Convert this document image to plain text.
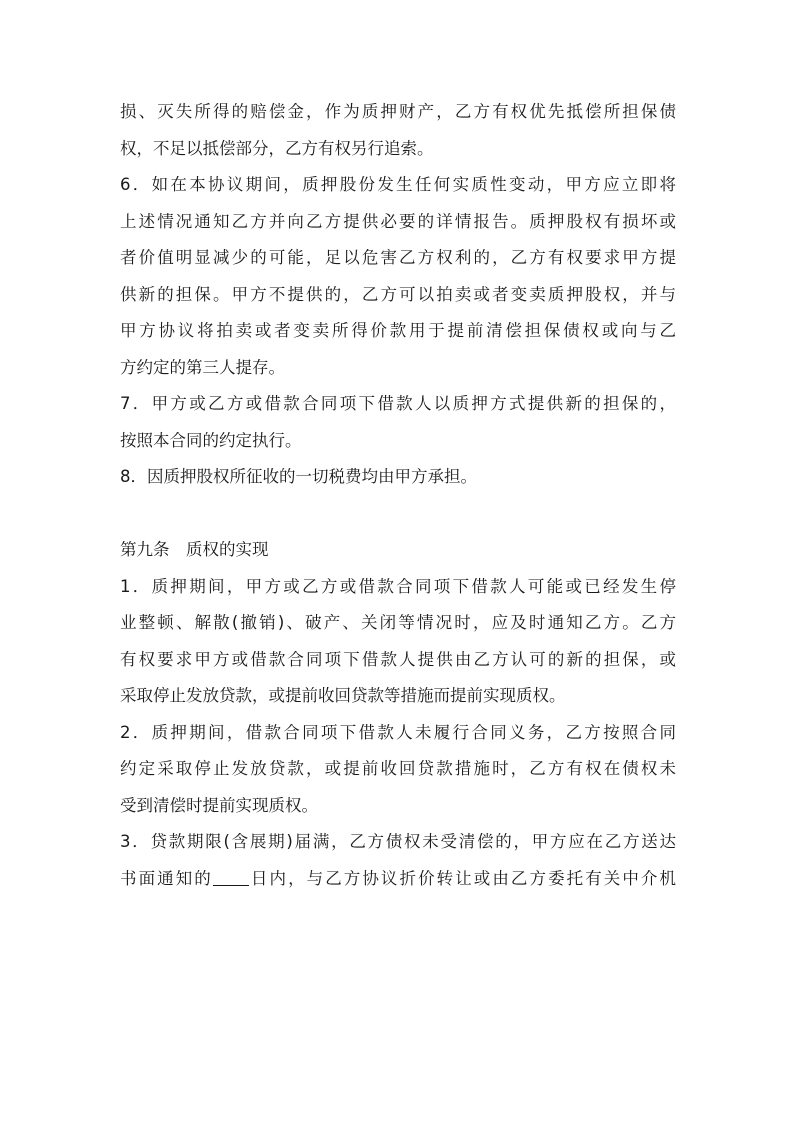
损、灭失所得的赔偿金，作为质押财产，乙方有权优先抵偿所担保债
权，不足以抵偿部分，乙方有权另行追索。
6．如在本协议期间，质押股份发生任何实质性变动，甲方应立即将
上述情况通知乙方并向乙方提供必要的详情报告。质押股权有损坏或
者价值明显减少的可能，足以危害乙方权利的，乙方有权要求甲方提
供新的担保。甲方不提供的，乙方可以拍卖或者变卖质押股权，并与
甲方协议将拍卖或者变卖所得价款用于提前清偿担保债权或向与乙
方约定的第三人提存。
7．甲方或乙方或借款合同项下借款人以质押方式提供新的担保的，
按照本合同的约定执行。
8．因质押股权所征收的一切税费均由甲方承担。
第九条　质权的实现
1．质押期间，甲方或乙方或借款合同项下借款人可能或已经发生停
业整顿、解散(撤销)、破产、关闭等情况时，应及时通知乙方。乙方
有权要求甲方或借款合同项下借款人提供由乙方认可的新的担保，或
采取停止发放贷款，或提前收回贷款等措施而提前实现质权。
2．质押期间，借款合同项下借款人未履行合同义务，乙方按照合同
约定采取停止发放贷款，或提前收回贷款措施时，乙方有权在债权未
受到清偿时提前实现质权。
3．贷款期限(含展期)届满，乙方债权未受清偿的，甲方应在乙方送达
书面通知的 日内，与乙方协议折价转让或由乙方委托有关中介机
